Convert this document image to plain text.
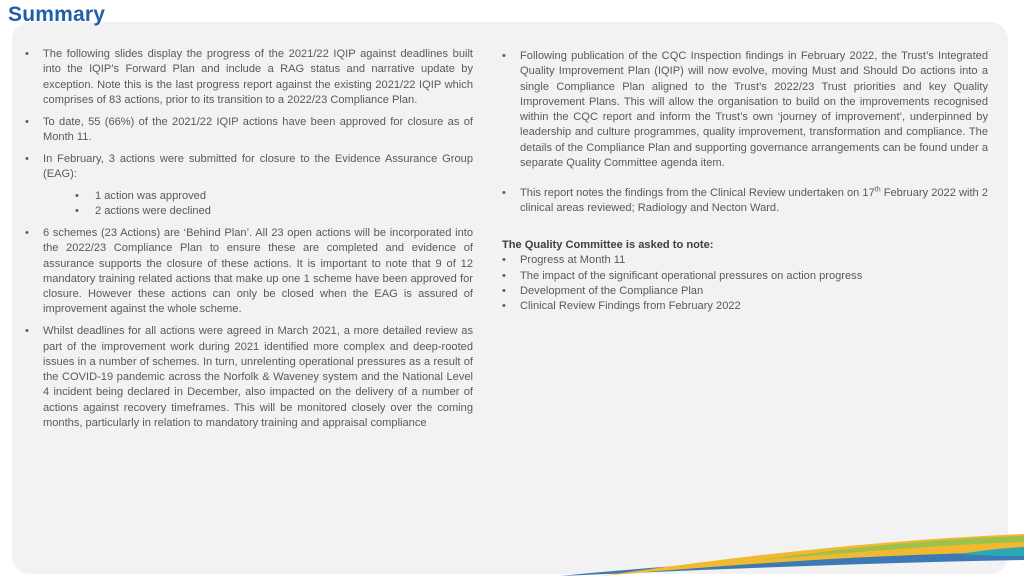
Summary
• The following slides display the progress of the 2021/22 IQIP against deadlines built into the IQIP’s Forward Plan and include a RAG status and narrative update by exception. Note this is the last progress report against the existing 2021/22 IQIP which comprises of 83 actions, prior to its transition to a 2022/23 Compliance Plan.
• To date, 55 (66%) of the 2021/22 IQIP actions have been approved for closure as of Month 11.
• In February, 3 actions were submitted for closure to the Evidence Assurance Group (EAG):
• 1 action was approved
• 2 actions were declined
• 6 schemes (23 Actions) are ‘Behind Plan’. All 23 open actions will be incorporated into the 2022/23 Compliance Plan to ensure these are completed and evidence of assurance supports the closure of these actions. It is important to note that 9 of 12 mandatory training related actions that make up one 1 scheme have been approved for closure. However these actions can only be closed when the EAG is assured of improvement against the whole scheme.
• Whilst deadlines for all actions were agreed in March 2021, a more detailed review as part of the improvement work during 2021 identified more complex and deep-rooted issues in a number of schemes. In turn, unrelenting operational pressures as a result of the COVID-19 pandemic across the Norfolk & Waveney system and the National Level 4 incident being declared in December, also impacted on the delivery of a number of actions against recovery timeframes. This will be monitored closely over the coming months, particularly in relation to mandatory training and appraisal compliance
• Following publication of the CQC Inspection findings in February 2022, the Trust’s Integrated Quality Improvement Plan (IQIP) will now evolve, moving Must and Should Do actions into a single Compliance Plan aligned to the Trust’s 2022/23 Trust priorities and key Quality Improvement Plans. This will allow the organisation to build on the improvements recognised within the CQC report and inform the Trust’s own ‘journey of improvement’, underpinned by leadership and culture programmes, quality improvement, transformation and compliance. The details of the Compliance Plan and supporting governance arrangements can be found under a separate Quality Committee agenda item.
• This report notes the findings from the Clinical Review undertaken on 17th February 2022 with 2 clinical areas reviewed; Radiology and Necton Ward.

The Quality Committee is asked to note:

• Progress at Month 11
• The impact of the significant operational pressures on action progress
• Development of the Compliance Plan
• Clinical Review Findings from February 2022
